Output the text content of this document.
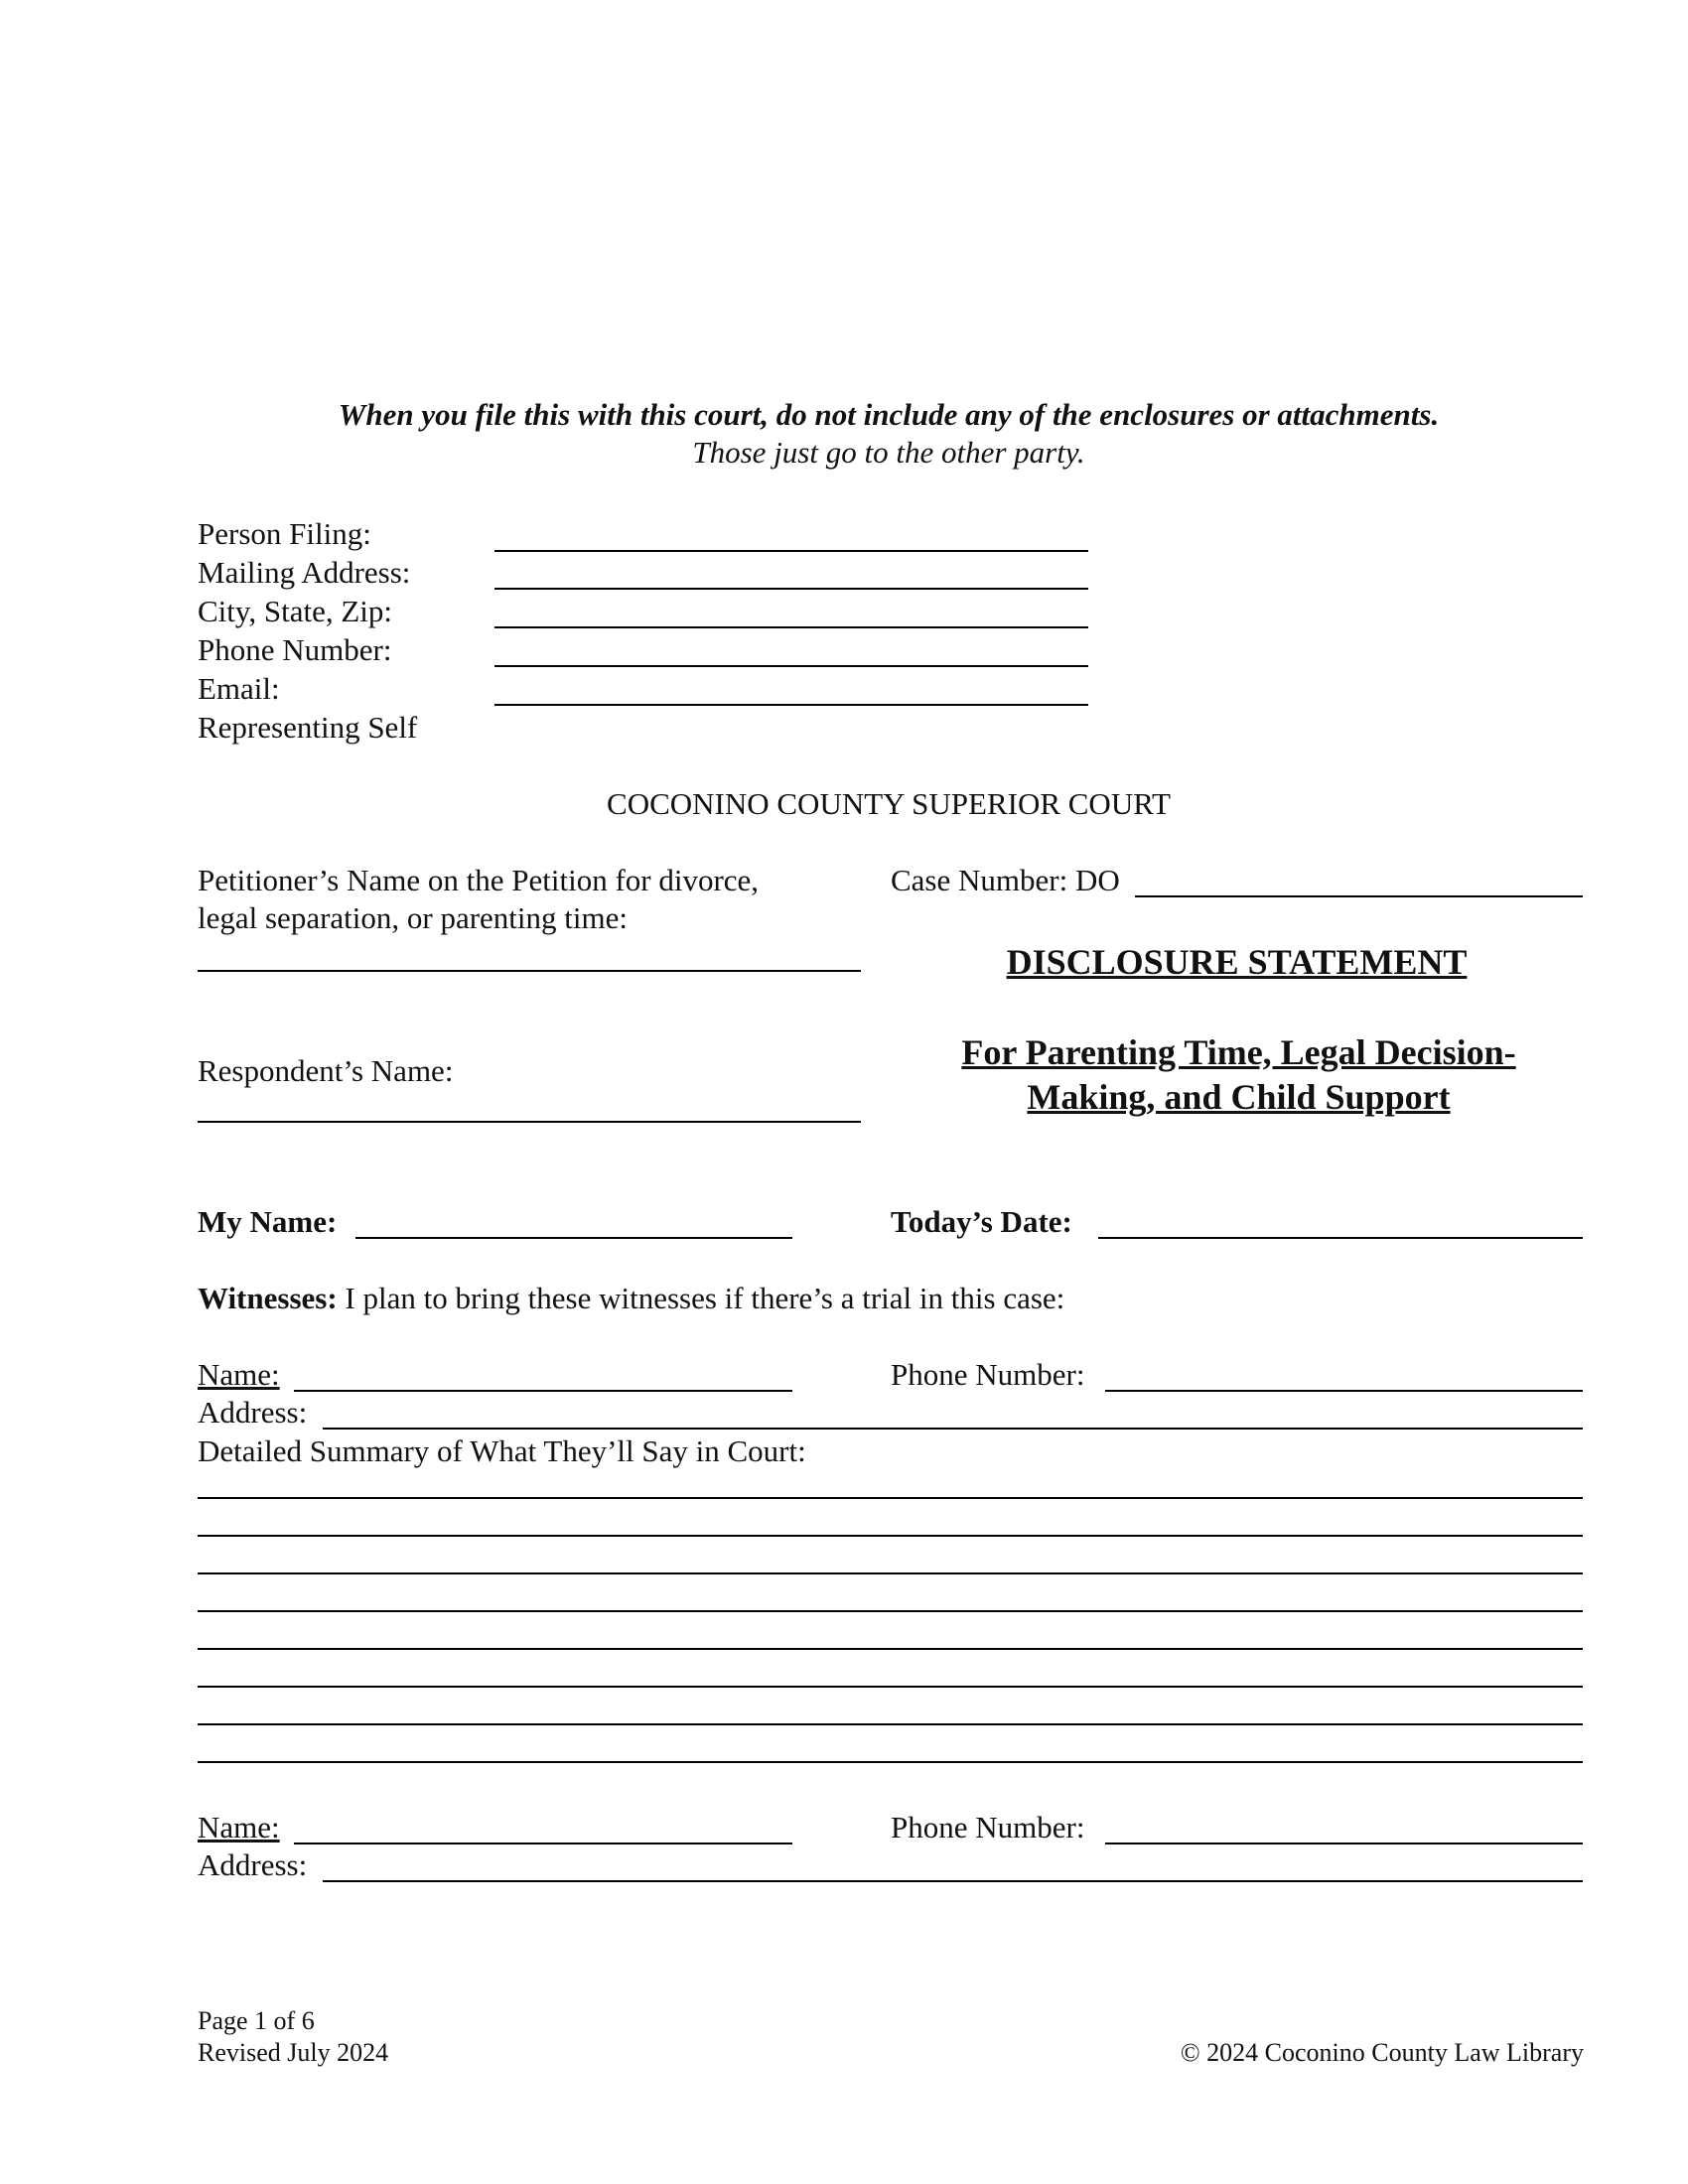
When you file this with this court, do not include any of the enclosures or attachments.
Those just go to the other party.
Person Filing:
Mailing Address:
City, State, Zip:
Phone Number:
Email:
Representing Self
COCONINO COUNTY SUPERIOR COURT
Petitioner’s Name on the Petition for divorce,
legal separation, or parenting time:
Respondent’s Name:
Case Number: DO
DISCLOSURE STATEMENT
For Parenting Time, Legal Decision-Making, and Child Support
My Name:	Today’s Date:
Witnesses: I plan to bring these witnesses if there’s a trial in this case:
Name:	Phone Number:
Address:
Detailed Summary of What They’ll Say in Court:
Name:	Phone Number:
Address:
Page 1 of 6
Revised July 2024	© 2024 Coconino County Law Library
